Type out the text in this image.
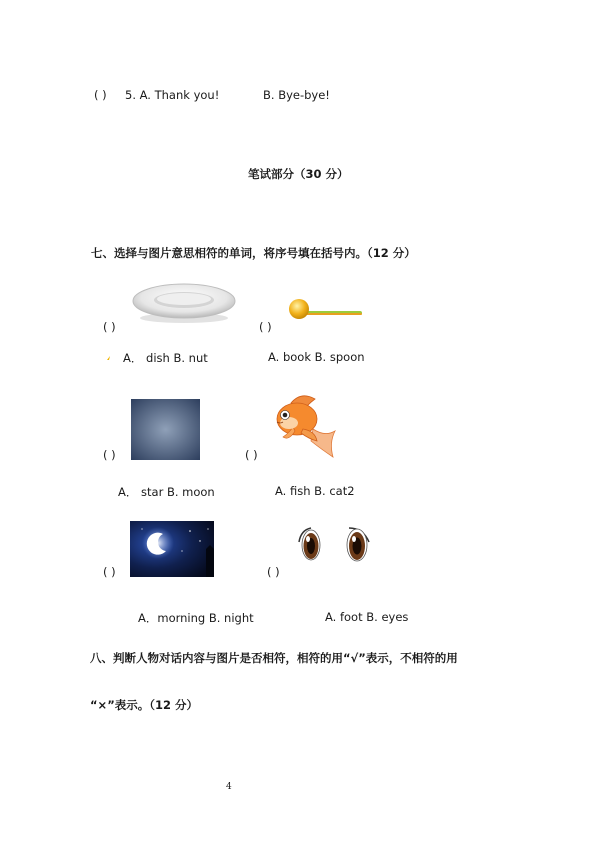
( ) 5. A. Thank you!	B. Bye-bye!
笔试部分（30 分）
七、选择与图片意思相符的单词，将序号填在括号内。（12 分）
( )	( )
A． dish B. nut	A. book B. spoon
( )	( )
A． star B. moon	A. fish B. cat2
( )	( )
A．morning B. night	A. foot B. eyes
八、判断人物对话内容与图片是否相符，相符的用“√”表示，不相符的用
“×”表示。（12 分）
4
